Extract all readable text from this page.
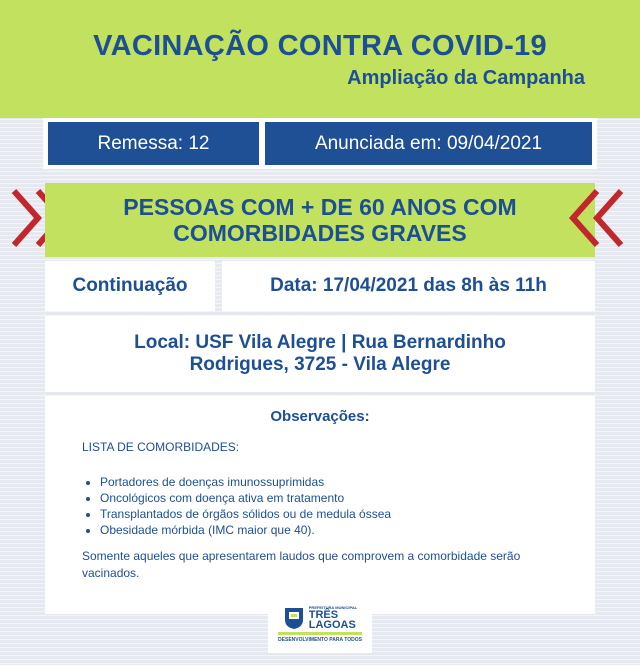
VACINAÇÃO CONTRA COVID-19
Ampliação da Campanha
Remessa: 12	Anunciada em: 09/04/2021
PESSOAS COM + DE 60 ANOS COM
COMORBIDADES GRAVES
Continuação	Data: 17/04/2021 das 8h às 11h
Local: USF Vila Alegre | Rua Bernardinho
Rodrigues, 3725 - Vila Alegre
Observações:
LISTA DE COMORBIDADES:
• Portadores de doenças imunossuprimidas
• Oncológicos com doença ativa em tratamento
• Transplantados de órgãos sólidos ou de medula óssea
• Obesidade mórbida (IMC maior que 40).
Somente aqueles que apresentarem laudos que comprovem a comorbidade serão vacinados.
PREFEITURA MUNICIPAL
TRÊS
LAGOAS
DESENVOLVIMENTO PARA TODOS
